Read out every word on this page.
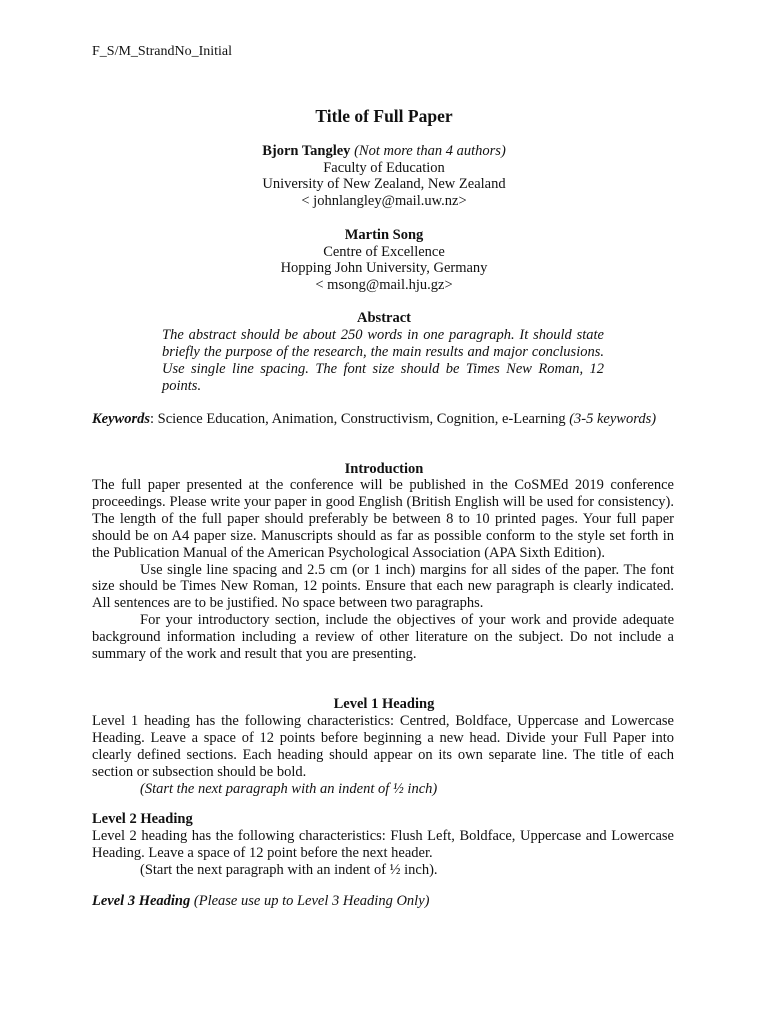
F_S/M_StrandNo_Initial
Title of Full Paper
Bjorn Tangley (Not more than 4 authors)
Faculty of Education
University of New Zealand, New Zealand
< johnlangley@mail.uw.nz>
Martin Song
Centre of Excellence
Hopping John University, Germany
< msong@mail.hju.gz>
Abstract
The abstract should be about 250 words in one paragraph. It should state briefly the purpose of the research, the main results and major conclusions. Use single line spacing. The font size should be Times New Roman, 12 points.
Keywords: Science Education, Animation, Constructivism, Cognition, e-Learning (3-5 keywords)
Introduction

The full paper presented at the conference will be published in the CoSMEd 2019 conference proceedings. Please write your paper in good English (British English will be used for consistency). The length of the full paper should preferably be between 8 to 10 printed pages. Your full paper should be on A4 paper size. Manuscripts should as far as possible conform to the style set forth in the Publication Manual of the American Psychological Association (APA Sixth Edition).

Use single line spacing and 2.5 cm (or 1 inch) margins for all sides of the paper. The font size should be Times New Roman, 12 points. Ensure that each new paragraph is clearly indicated. All sentences are to be justified. No space between two paragraphs.

For your introductory section, include the objectives of your work and provide adequate background information including a review of other literature on the subject. Do not include a summary of the work and result that you are presenting.

Level 1 Heading

Level 1 heading has the following characteristics: Centred, Boldface, Uppercase and Lowercase Heading. Leave a space of 12 points before beginning a new head. Divide your Full Paper into clearly defined sections. Each heading should appear on its own separate line. The title of each section or subsection should be bold.

(Start the next paragraph with an indent of ½ inch)

Level 2 Heading

Level 2 heading has the following characteristics: Flush Left, Boldface, Uppercase and Lowercase Heading. Leave a space of 12 point before the next header.

(Start the next paragraph with an indent of ½ inch).

Level 3 Heading (Please use up to Level 3 Heading Only)
